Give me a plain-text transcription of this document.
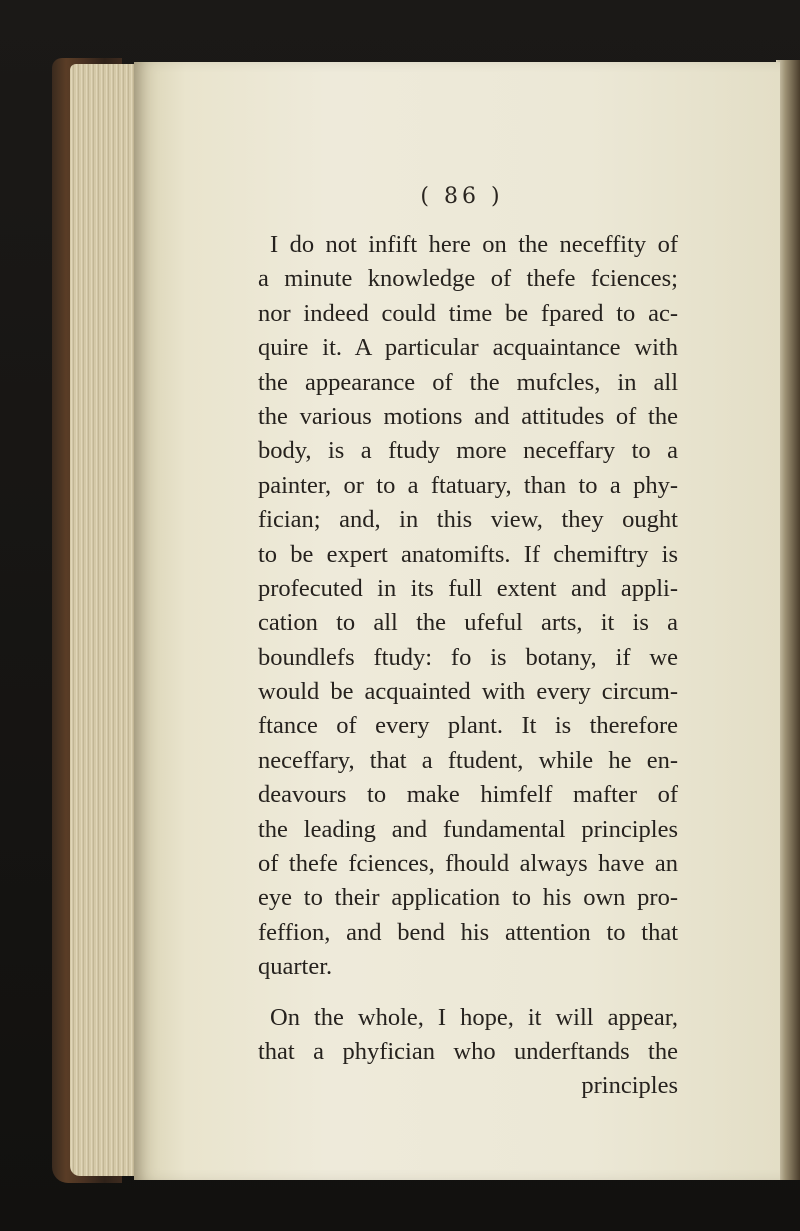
( 86 )
I do not infift here on the neceffity of
a minute knowledge of thefe fciences;
nor indeed could time be fpared to ac-
quire it. A particular acquaintance with
the appearance of the mufcles, in all
the various motions and attitudes of the
body, is a ftudy more neceffary to a
painter, or to a ftatuary, than to a phy-
fician; and, in this view, they ought
to be expert anatomifts. If chemiftry is
profecuted in its full extent and appli-
cation to all the ufeful arts, it is a
boundlefs ftudy: fo is botany, if we
would be acquainted with every circum-
ftance of every plant. It is therefore
neceffary, that a ftudent, while he en-
deavours to make himfelf mafter of
the leading and fundamental principles
of thefe fciences, fhould always have an
eye to their application to his own pro-
feffion, and bend his attention to that
quarter.
On the whole, I hope, it will appear,
that a phyfician who underftands the
principles
